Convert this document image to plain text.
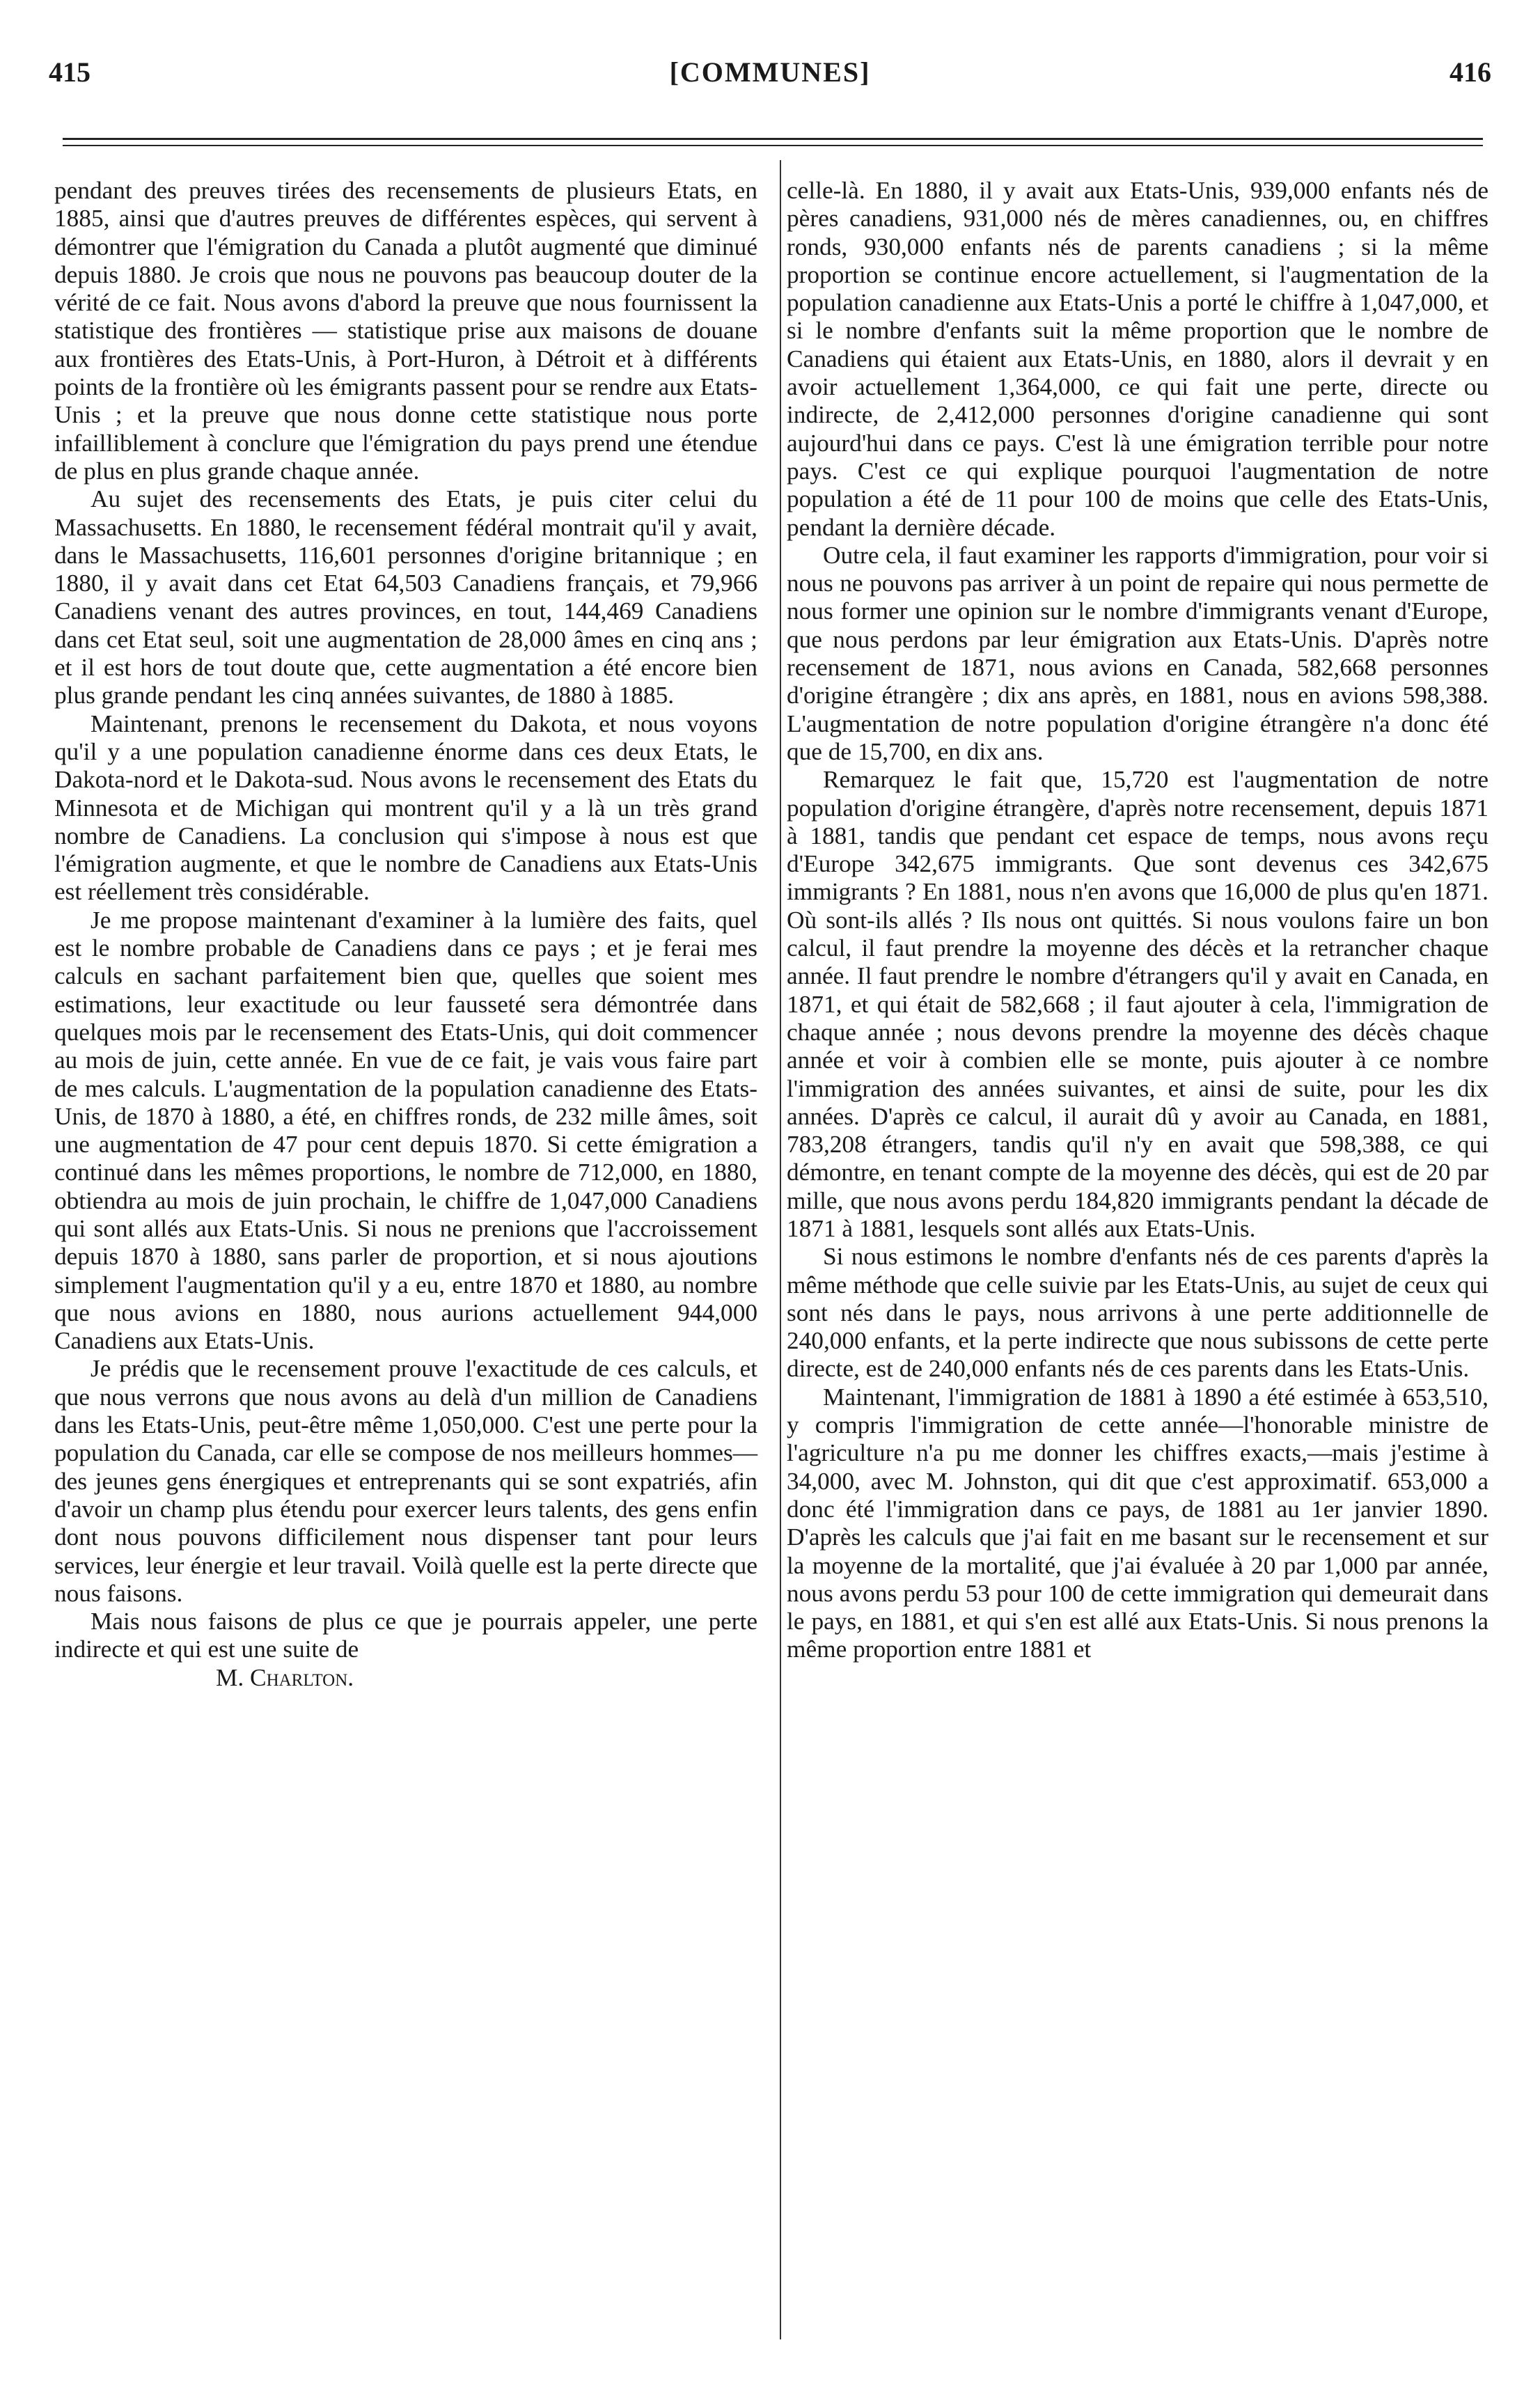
415	[COMMUNES]	416

pendant des preuves tirées des recensements de plusieurs Etats, en 1885, ainsi que d'autres preuves de différentes espèces, qui servent à démontrer que l'émigration du Canada a plutôt augmenté que diminué depuis 1880. Je crois que nous ne pouvons pas beaucoup douter de la vérité de ce fait. Nous avons d'abord la preuve que nous fournissent la statistique des frontières — statistique prise aux maisons de douane aux frontières des Etats-Unis, à Port-Huron, à Détroit et à différents points de la frontière où les émigrants passent pour se rendre aux Etats-Unis ; et la preuve que nous donne cette statistique nous porte infailliblement à conclure que l'émigration du pays prend une étendue de plus en plus grande chaque année.

Au sujet des recensements des Etats, je puis citer celui du Massachusetts. En 1880, le recensement fédéral montrait qu'il y avait, dans le Massachusetts, 116,601 personnes d'origine britannique ; en 1880, il y avait dans cet Etat 64,503 Canadiens français, et 79,966 Canadiens venant des autres provinces, en tout, 144,469 Canadiens dans cet Etat seul, soit une augmentation de 28,000 âmes en cinq ans ; et il est hors de tout doute que, cette augmentation a été encore bien plus grande pendant les cinq années suivantes, de 1880 à 1885.

Maintenant, prenons le recensement du Dakota, et nous voyons qu'il y a une population canadienne énorme dans ces deux Etats, le Dakota-nord et le Dakota-sud. Nous avons le recensement des Etats du Minnesota et de Michigan qui montrent qu'il y a là un très grand nombre de Canadiens. La conclusion qui s'impose à nous est que l'émigration augmente, et que le nombre de Canadiens aux Etats-Unis est réellement très considérable.

Je me propose maintenant d'examiner à la lumière des faits, quel est le nombre probable de Canadiens dans ce pays ; et je ferai mes calculs en sachant parfaitement bien que, quelles que soient mes estimations, leur exactitude ou leur fausseté sera démontrée dans quelques mois par le recensement des Etats-Unis, qui doit commencer au mois de juin, cette année. En vue de ce fait, je vais vous faire part de mes calculs. L'augmentation de la population canadienne des Etats-Unis, de 1870 à 1880, a été, en chiffres ronds, de 232 mille âmes, soit une augmentation de 47 pour cent depuis 1870. Si cette émigration a continué dans les mêmes proportions, le nombre de 712,000, en 1880, obtiendra au mois de juin prochain, le chiffre de 1,047,000 Canadiens qui sont allés aux Etats-Unis. Si nous ne prenions que l'accroissement depuis 1870 à 1880, sans parler de proportion, et si nous ajoutions simplement l'augmentation qu'il y a eu, entre 1870 et 1880, au nombre que nous avions en 1880, nous aurions actuellement 944,000 Canadiens aux Etats-Unis.

Je prédis que le recensement prouve l'exactitude de ces calculs, et que nous verrons que nous avons au delà d'un million de Canadiens dans les Etats-Unis, peut-être même 1,050,000. C'est une perte pour la population du Canada, car elle se compose de nos meilleurs hommes—des jeunes gens énergiques et entreprenants qui se sont expatriés, afin d'avoir un champ plus étendu pour exercer leurs talents, des gens enfin dont nous pouvons difficilement nous dispenser tant pour leurs services, leur énergie et leur travail. Voilà quelle est la perte directe que nous faisons.

Mais nous faisons de plus ce que je pourrais appeler, une perte indirecte et qui est une suite de

M. Charlton.

celle-là. En 1880, il y avait aux Etats-Unis, 939,000 enfants nés de pères canadiens, 931,000 nés de mères canadiennes, ou, en chiffres ronds, 930,000 enfants nés de parents canadiens ; si la même proportion se continue encore actuellement, si l'augmentation de la population canadienne aux Etats-Unis a porté le chiffre à 1,047,000, et si le nombre d'enfants suit la même proportion que le nombre de Canadiens qui étaient aux Etats-Unis, en 1880, alors il devrait y en avoir actuellement 1,364,000, ce qui fait une perte, directe ou indirecte, de 2,412,000 personnes d'origine canadienne qui sont aujourd'hui dans ce pays. C'est là une émigration terrible pour notre pays. C'est ce qui explique pourquoi l'augmentation de notre population a été de 11 pour 100 de moins que celle des Etats-Unis, pendant la dernière décade.

Outre cela, il faut examiner les rapports d'immigration, pour voir si nous ne pouvons pas arriver à un point de repaire qui nous permette de nous former une opinion sur le nombre d'immigrants venant d'Europe, que nous perdons par leur émigration aux Etats-Unis. D'après notre recensement de 1871, nous avions en Canada, 582,668 personnes d'origine étrangère ; dix ans après, en 1881, nous en avions 598,388. L'augmentation de notre population d'origine étrangère n'a donc été que de 15,700, en dix ans.

Remarquez le fait que, 15,720 est l'augmentation de notre population d'origine étrangère, d'après notre recensement, depuis 1871 à 1881, tandis que pendant cet espace de temps, nous avons reçu d'Europe 342,675 immigrants. Que sont devenus ces 342,675 immigrants ? En 1881, nous n'en avons que 16,000 de plus qu'en 1871. Où sont-ils allés ? Ils nous ont quittés. Si nous voulons faire un bon calcul, il faut prendre la moyenne des décès et la retrancher chaque année. Il faut prendre le nombre d'étrangers qu'il y avait en Canada, en 1871, et qui était de 582,668 ; il faut ajouter à cela, l'immigration de chaque année ; nous devons prendre la moyenne des décès chaque année et voir à combien elle se monte, puis ajouter à ce nombre l'immigration des années suivantes, et ainsi de suite, pour les dix années. D'après ce calcul, il aurait dû y avoir au Canada, en 1881, 783,208 étrangers, tandis qu'il n'y en avait que 598,388, ce qui démontre, en tenant compte de la moyenne des décès, qui est de 20 par mille, que nous avons perdu 184,820 immigrants pendant la décade de 1871 à 1881, lesquels sont allés aux Etats-Unis.

Si nous estimons le nombre d'enfants nés de ces parents d'après la même méthode que celle suivie par les Etats-Unis, au sujet de ceux qui sont nés dans le pays, nous arrivons à une perte additionnelle de 240,000 enfants, et la perte indirecte que nous subissons de cette perte directe, est de 240,000 enfants nés de ces parents dans les Etats-Unis.

Maintenant, l'immigration de 1881 à 1890 a été estimée à 653,510, y compris l'immigration de cette année—l'honorable ministre de l'agriculture n'a pu me donner les chiffres exacts,—mais j'estime à 34,000, avec M. Johnston, qui dit que c'est approximatif. 653,000 a donc été l'immigration dans ce pays, de 1881 au 1er janvier 1890. D'après les calculs que j'ai fait en me basant sur le recensement et sur la moyenne de la mortalité, que j'ai évaluée à 20 par 1,000 par année, nous avons perdu 53 pour 100 de cette immigration qui demeurait dans le pays, en 1881, et qui s'en est allé aux Etats-Unis. Si nous prenons la même proportion entre 1881 et
